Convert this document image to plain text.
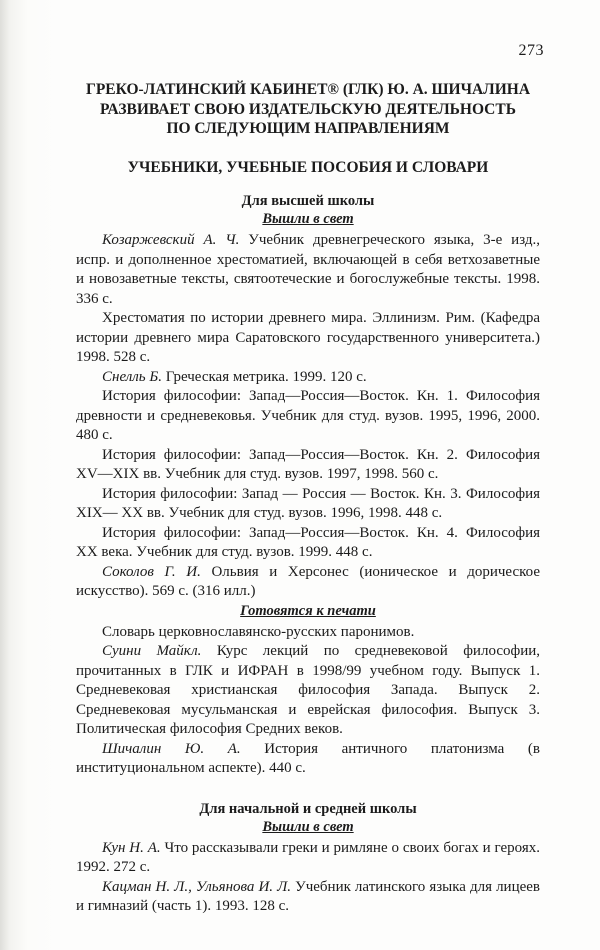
273
ГРЕКО-ЛАТИНСКИЙ КАБИНЕТ® (ГЛК) Ю. А. ШИЧАЛИНА
РАЗВИВАЕТ СВОЮ ИЗДАТЕЛЬСКУЮ ДЕЯТЕЛЬНОСТЬ
ПО СЛЕДУЮЩИМ НАПРАВЛЕНИЯМ
УЧЕБНИКИ, УЧЕБНЫЕ ПОСОБИЯ И СЛОВАРИ
Для высшей школы
Вышли в свет

Козаржевский А. Ч. Учебник древнегреческого языка, 3-е изд., испр. и дополненное хрестоматией, включающей в себя ветхозаветные и новозаветные тексты, святоотеческие и богослужебные тексты. 1998. 336 с.

Хрестоматия по истории древнего мира. Эллинизм. Рим. (Кафедра истории древнего мира Саратовского государственного университета.) 1998. 528 с.

Снелль Б. Греческая метрика. 1999. 120 с.

История философии: Запад—Россия—Восток. Кн. 1. Философия древности и средневековья. Учебник для студ. вузов. 1995, 1996, 2000. 480 с.

История философии: Запад—Россия—Восток. Кн. 2. Философия XV—XIX вв. Учебник для студ. вузов. 1997, 1998. 560 с.

История философии: Запад — Россия — Восток. Кн. 3. Философия XIX— XX вв. Учебник для студ. вузов. 1996, 1998. 448 с.

История философии: Запад—Россия—Восток. Кн. 4. Философия XX века. Учебник для студ. вузов. 1999. 448 с.

Соколов Г. И. Ольвия и Херсонес (ионическое и дорическое искусство). 569 с. (316 илл.)

Готовятся к печати

Словарь церковнославянско-русских паронимов.

Суини Майкл. Курс лекций по средневековой философии, прочитанных в ГЛК и ИФРАН в 1998/99 учебном году. Выпуск 1. Средневековая христианская философия Запада. Выпуск 2. Средневековая мусульманская и еврейская философия. Выпуск 3. Политическая философия Средних веков.

Шичалин Ю. А. История античного платонизма (в институциональном аспекте). 440 с.

Для начальной и средней школы
Вышли в свет

Кун Н. А. Что рассказывали греки и римляне о своих богах и героях. 1992. 272 с.

Кацман Н. Л., Ульянова И. Л. Учебник латинского языка для лицеев и гимназий (часть 1). 1993. 128 с.
